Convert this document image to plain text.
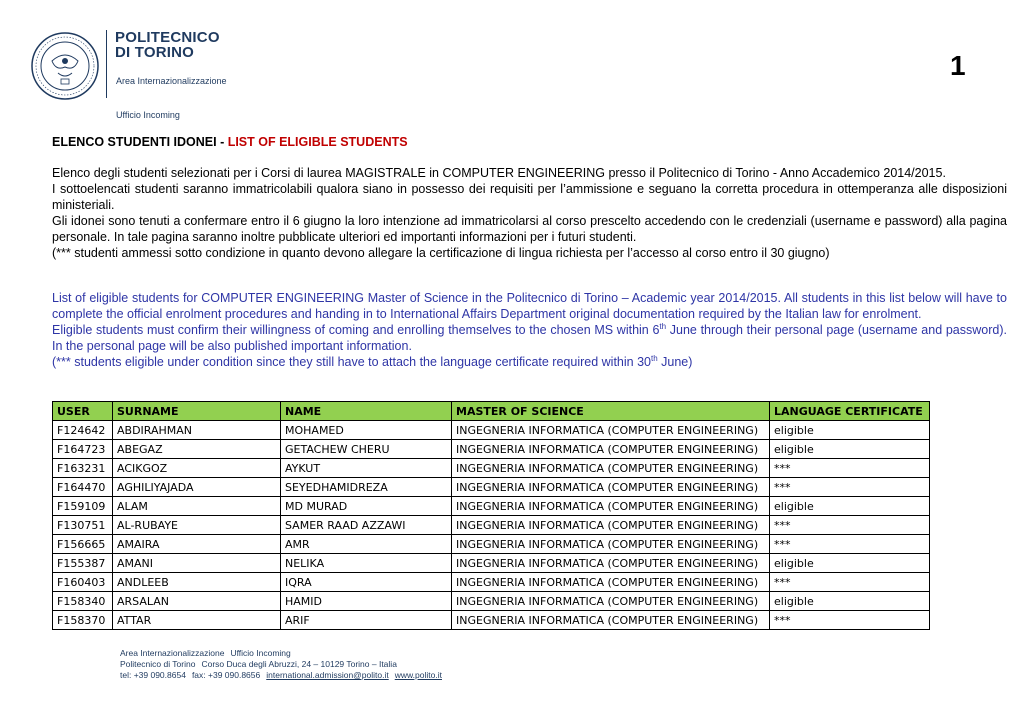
POLITECNICO
DI TORINO
Area Internazionalizzazione
Ufficio Incoming
1
ELENCO STUDENTI IDONEI - LIST OF ELIGIBLE STUDENTS

Elenco degli studenti selezionati per i Corsi di laurea MAGISTRALE in COMPUTER ENGINEERING presso il Politecnico di Torino - Anno Accademico 2014/2015.

I sottoelencati studenti saranno immatricolabili qualora siano in possesso dei requisiti per l’ammissione e seguano la corretta procedura in ottemperanza alle disposizioni ministeriali.

Gli idonei sono tenuti a confermare entro il 6 giugno la loro intenzione ad immatricolarsi al corso prescelto accedendo con le credenziali (username e password) alla pagina personale. In tale pagina saranno inoltre pubblicate ulteriori ed importanti informazioni per i futuri studenti.

(*** studenti ammessi sotto condizione in quanto devono allegare la certificazione di lingua richiesta per l’accesso al corso entro il 30 giugno)

List of eligible students for COMPUTER ENGINEERING Master of Science in the Politecnico di Torino – Academic year 2014/2015. All students in this list below will have to complete the official enrolment procedures and handing in to International Affairs Department original documentation required by the Italian law for enrolment.

Eligible students must confirm their willingness of coming and enrolling themselves to the chosen MS within 6th June through their personal page (username and password). In the personal page will be also published important information.

(*** students eligible under condition since they still have to attach the language certificate required within 30th June)

USER	SURNAME	NAME	MASTER OF SCIENCE	LANGUAGE CERTIFICATE
F124642	ABDIRAHMAN	MOHAMED	INGEGNERIA INFORMATICA (COMPUTER ENGINEERING)	eligible
F164723	ABEGAZ	GETACHEW CHERU	INGEGNERIA INFORMATICA (COMPUTER ENGINEERING)	eligible
F163231	ACIKGOZ	AYKUT	INGEGNERIA INFORMATICA (COMPUTER ENGINEERING)	***
F164470	AGHILIYAJADA	SEYEDHAMIDREZA	INGEGNERIA INFORMATICA (COMPUTER ENGINEERING)	***
F159109	ALAM	MD MURAD	INGEGNERIA INFORMATICA (COMPUTER ENGINEERING)	eligible
F130751	AL-RUBAYE	SAMER RAAD AZZAWI	INGEGNERIA INFORMATICA (COMPUTER ENGINEERING)	***
F156665	AMAIRA	AMR	INGEGNERIA INFORMATICA (COMPUTER ENGINEERING)	***
F155387	AMANI	NELIKA	INGEGNERIA INFORMATICA (COMPUTER ENGINEERING)	eligible
F160403	ANDLEEB	IQRA	INGEGNERIA INFORMATICA (COMPUTER ENGINEERING)	***
F158340	ARSALAN	HAMID	INGEGNERIA INFORMATICA (COMPUTER ENGINEERING)	eligible
F158370	ATTAR	ARIF	INGEGNERIA INFORMATICA (COMPUTER ENGINEERING)	***
Area Internazionalizzazione Ufficio Incoming
Politecnico di Torino Corso Duca degli Abruzzi, 24 – 10129 Torino – Italia
tel: +39 090.8654 fax: +39 090.8656 international.admission@polito.it www.polito.it
